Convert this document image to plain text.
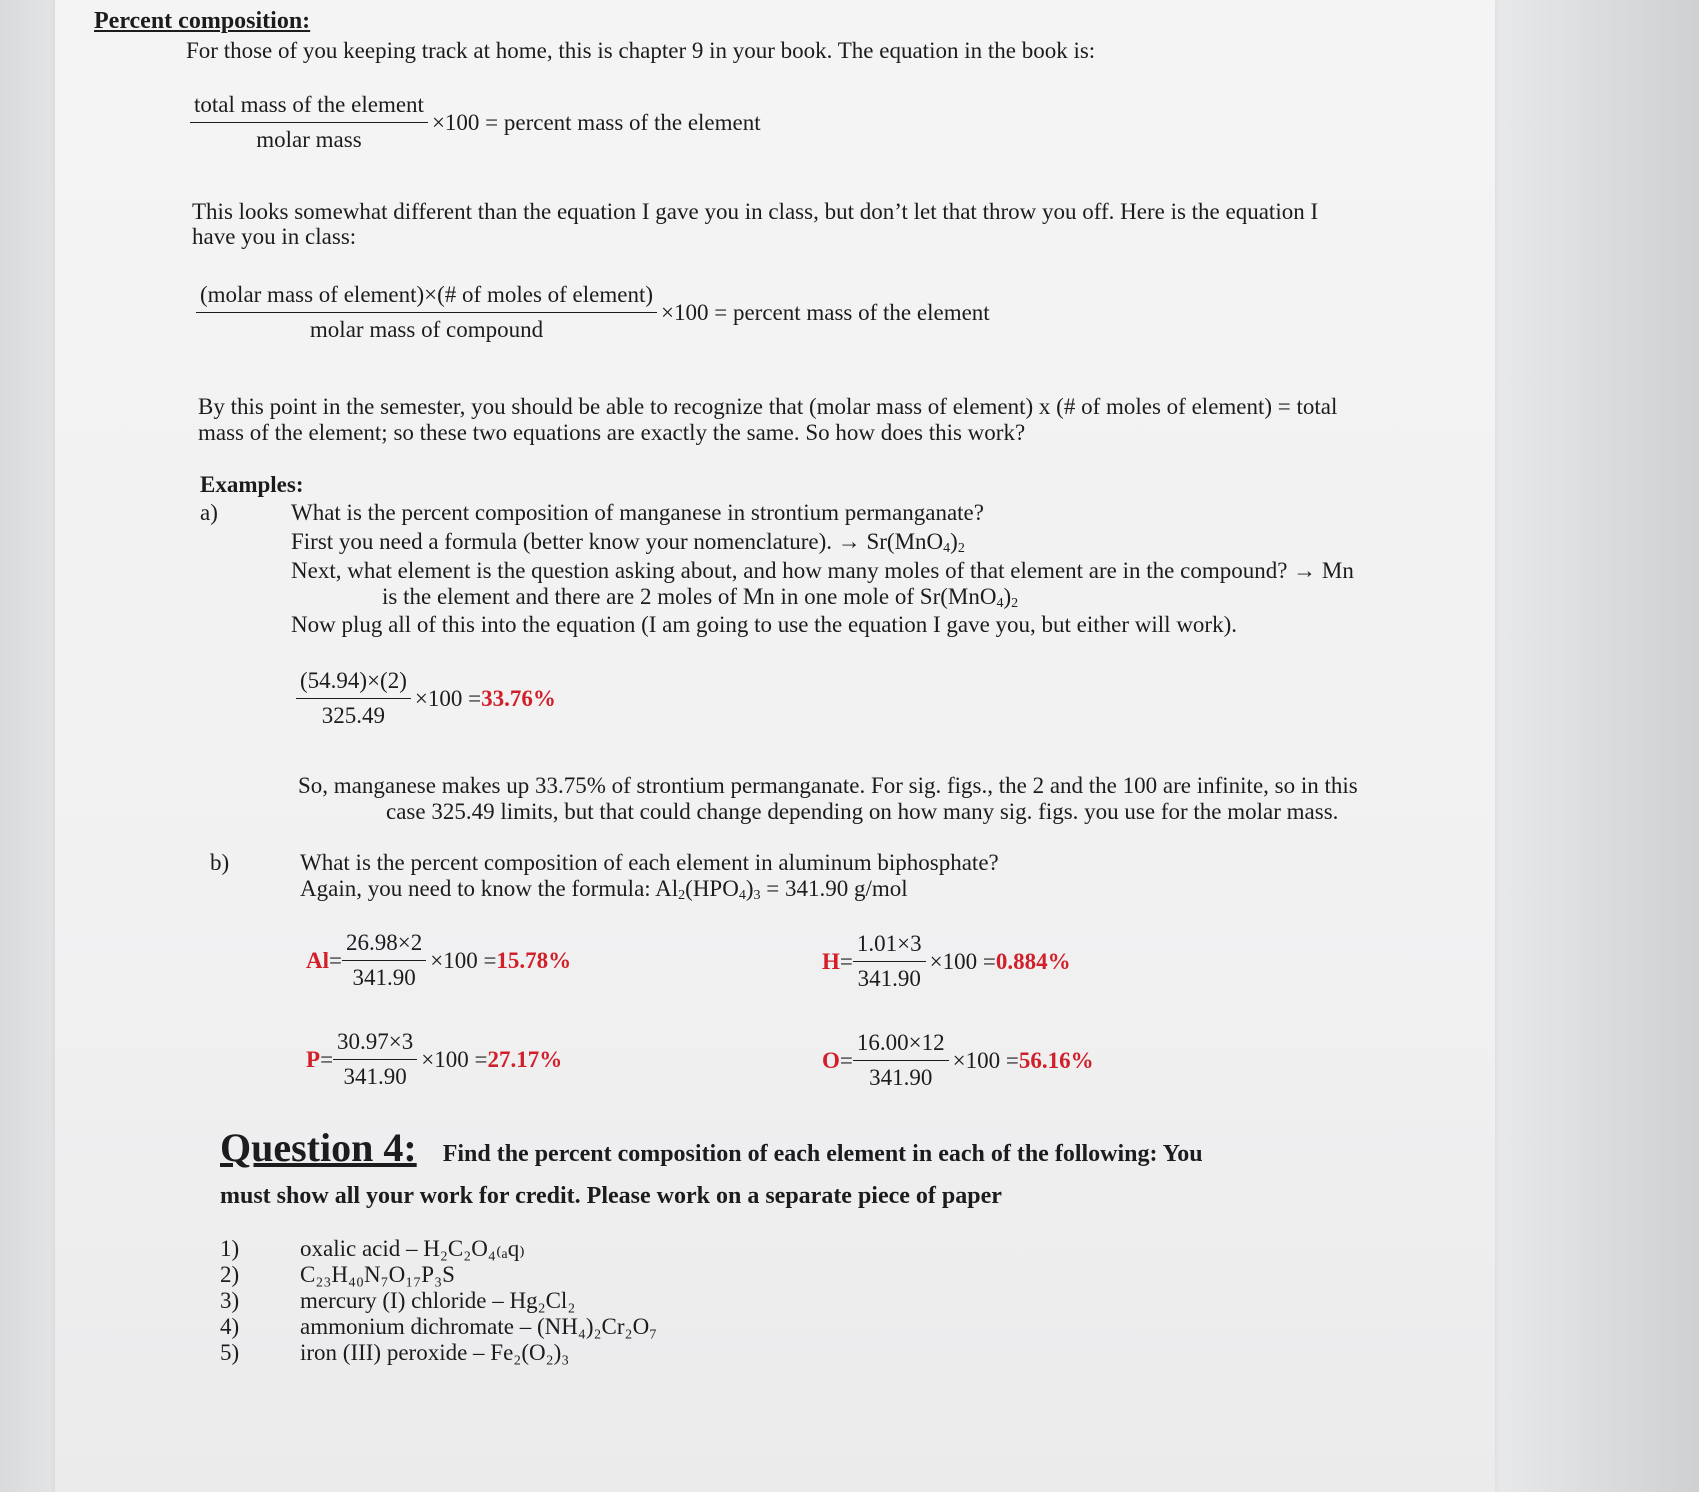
Percent composition:
For those of you keeping track at home, this is chapter 9 in your book. The equation in the book is:
$\frac{\text{total mass of the element}}{\text{molar mass}} \times 100$ = percent mass of the element
This looks somewhat different than the equation I gave you in class, but don’t let that throw you off. Here is the equation I
have you in class:
$\frac{\text{(molar mass of element)×(\# of moles of element)}}{\text{molar mass of compound}} \times 100$ = percent mass of the element
By this point in the semester, you should be able to recognize that (molar mass of element) x (# of moles of element) = total
mass of the element; so these two equations are exactly the same. So how does this work?
Examples:
a)	What is the percent composition of manganese in strontium permanganate?
First you need a formula (better know your nomenclature). → $Sr(MnO_4)_2$
Next, what element is the question asking about, and how many moles of that element are in the compound? → Mn
is the element and there are 2 moles of Mn in one mole of $Sr(MnO_4)_2$
Now plug all of this into the equation (I am going to use the equation I gave you, but either will work).
$\frac{(54.94)\times(2)}{325.49} \times 100 = 33.76\%$
So, manganese makes up 33.75% of strontium permanganate. For sig. figs., the 2 and the 100 are infinite, so in this
case 325.49 limits, but that could change depending on how many sig. figs. you use for the molar mass.
b)	What is the percent composition of each element in aluminum biphosphate?
Again, you need to know the formula: $Al_2(HPO_4)_3 = 341.90$ g/mol
$Al = \frac{26.98\times 2}{341.90} \times 100 = 15.78\%$	$H = \frac{1.01\times 3}{341.90} \times 100 = 0.884\%$
$P = \frac{30.97\times 3}{341.90} \times 100 = 27.17\%$	$O = \frac{16.00\times 12}{341.90} \times 100 = 56.16\%$
Question 4: Find the percent composition of each element in each of the following: You
must show all your work for credit. Please work on a separate piece of paper
1)	oxalic acid – H₂C₂O₄₍ₐq₎
2)	C₂₃H₄₀N₇O₁₇P₃S
3)	mercury (I) chloride – Hg₂Cl₂
4)	ammonium dichromate – (NH₄)₂Cr₂O₇
5)	iron (III) peroxide – Fe₂(O₂)₃
